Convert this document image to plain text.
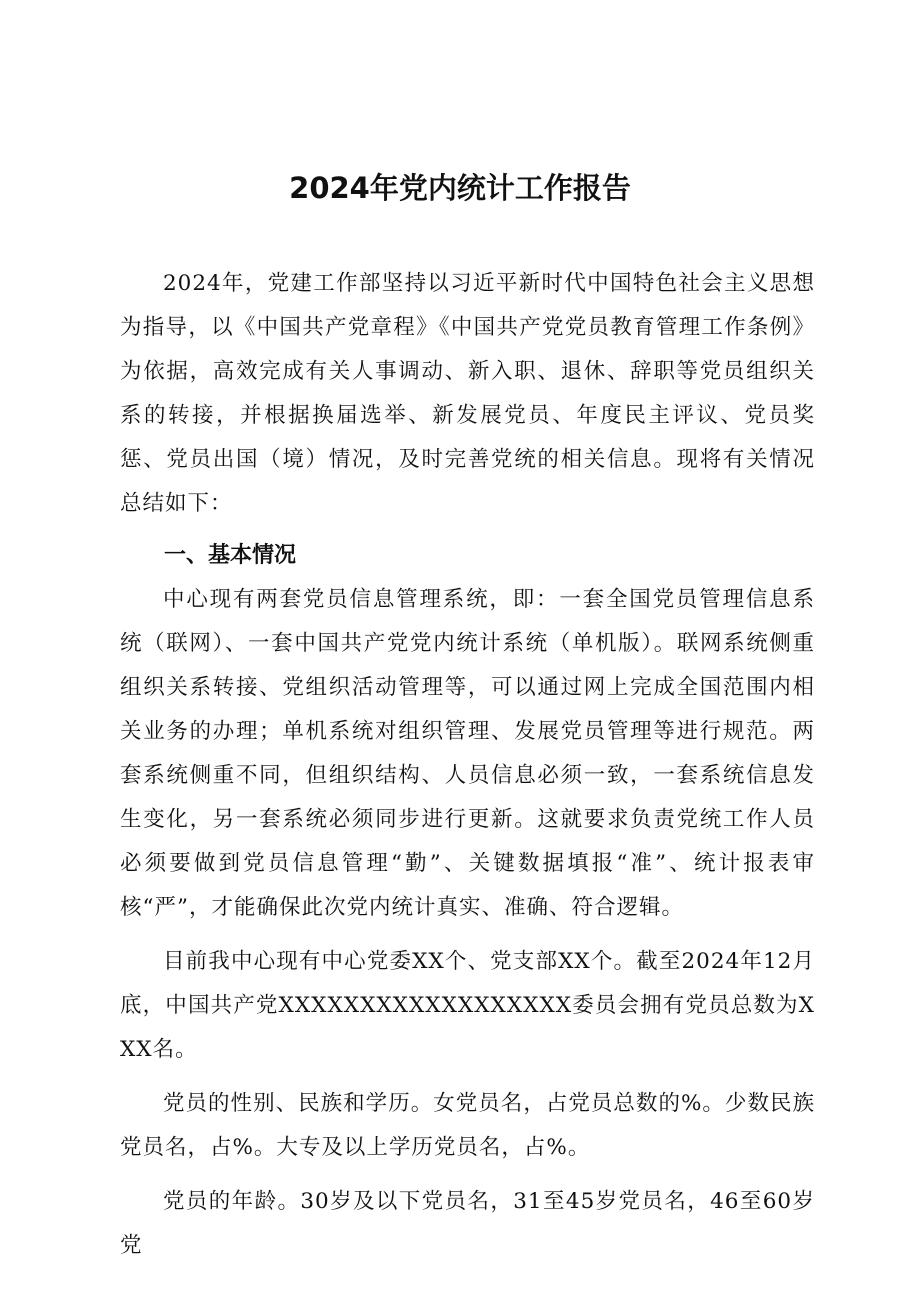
2024年党内统计工作报告

2024年，党建工作部坚持以习近平新时代中国特色社会主义思想为指导，以《中国共产党章程》《中国共产党党员教育管理工作条例》为依据，高效完成有关人事调动、新入职、退休、辞职等党员组织关系的转接，并根据换届选举、新发展党员、年度民主评议、党员奖惩、党员出国（境）情况，及时完善党统的相关信息。现将有关情况总结如下：

一、基本情况

中心现有两套党员信息管理系统，即：一套全国党员管理信息系统（联网）、一套中国共产党党内统计系统（单机版）。联网系统侧重组织关系转接、党组织活动管理等，可以通过网上完成全国范围内相关业务的办理；单机系统对组织管理、发展党员管理等进行规范。两套系统侧重不同，但组织结构、人员信息必须一致，一套系统信息发生变化，另一套系统必须同步进行更新。这就要求负责党统工作人员必须要做到党员信息管理“勤”、关键数据填报“准”、统计报表审核“严”，才能确保此次党内统计真实、准确、符合逻辑。

目前我中心现有中心党委XX个、党支部XX个。截至2024年12月底，中国共产党XXXXXXXXXXXXXXXXXX委员会拥有党员总数为XXX名。

党员的性别、民族和学历。女党员名，占党员总数的%。少数民族党员名，占%。大专及以上学历党员名，占%。

党员的年龄。30岁及以下党员名，31至45岁党员名，46至60岁党
